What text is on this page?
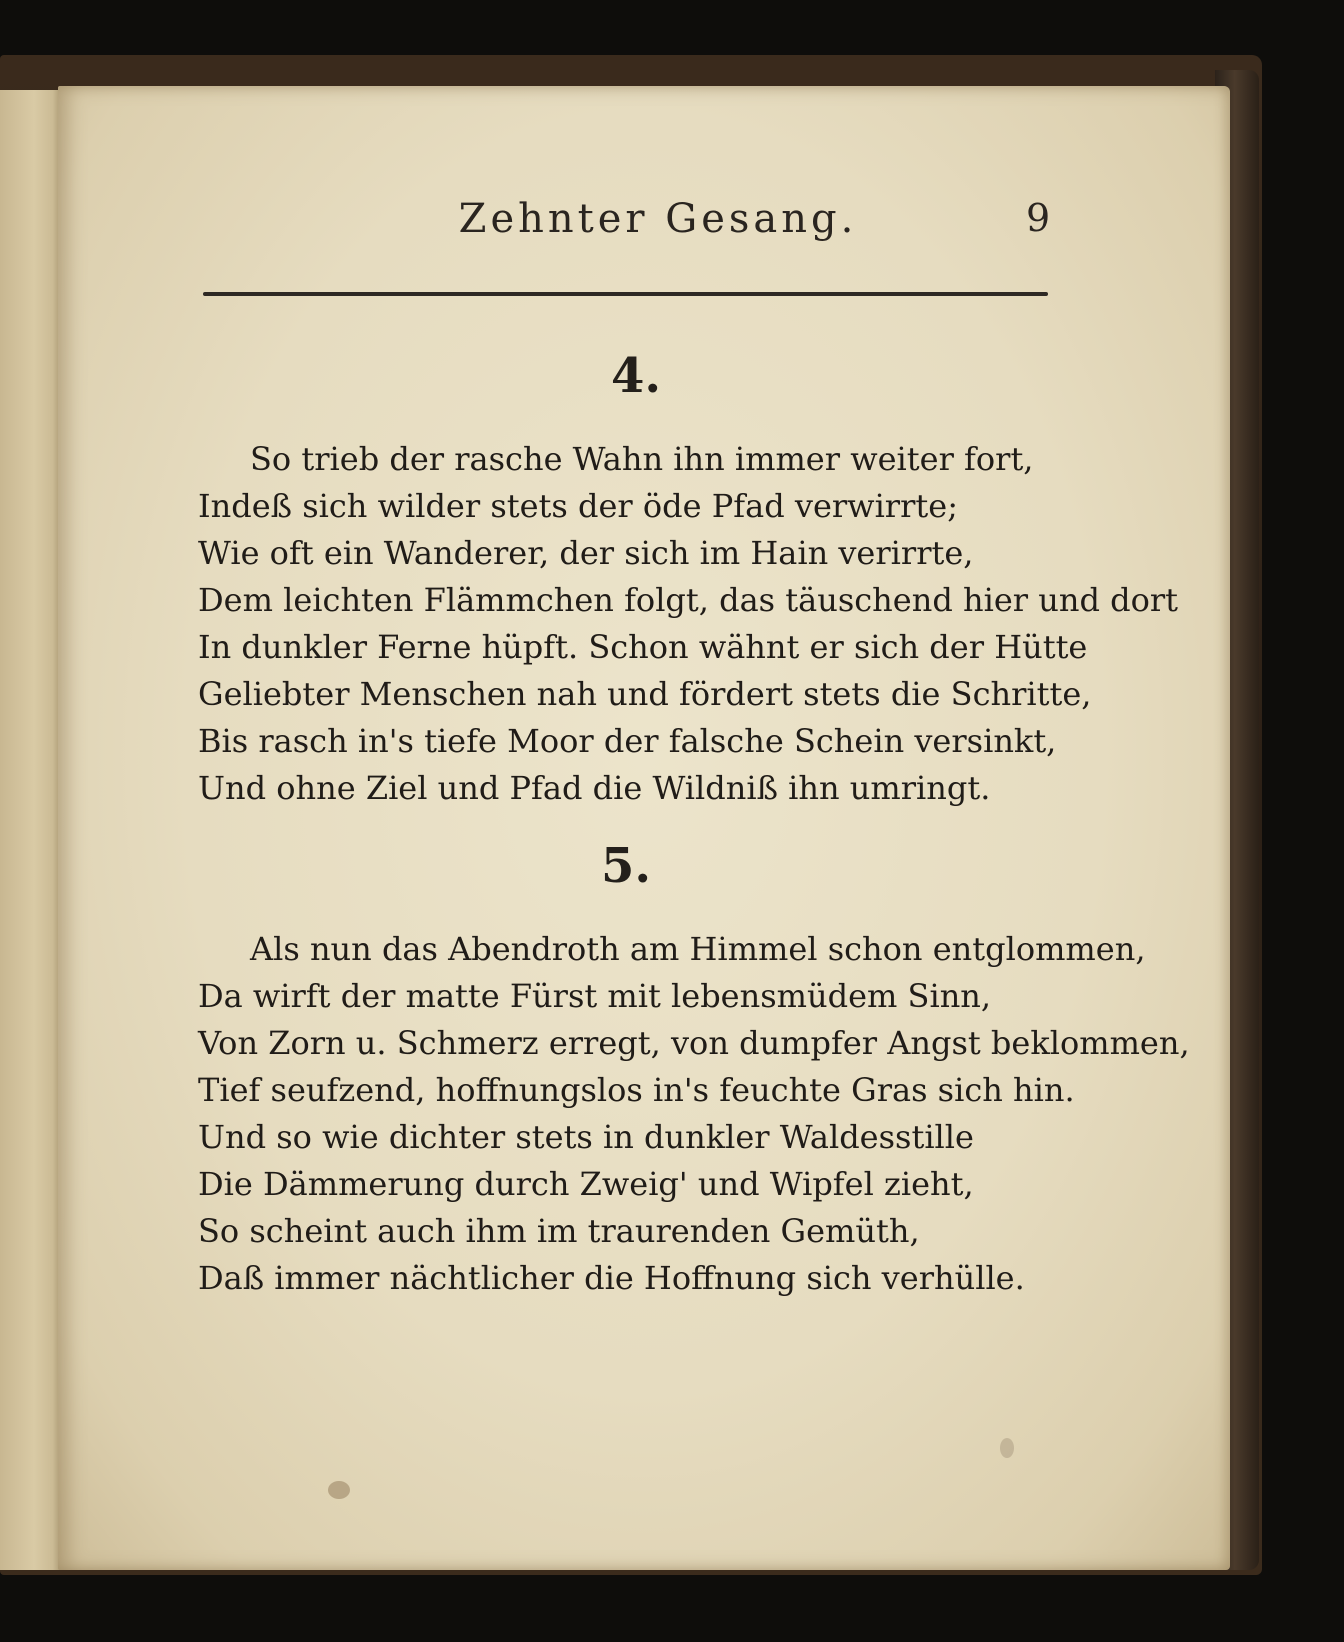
Zehnter Gesang.	9
4.
So trieb der rasche Wahn ihn immer weiter fort,
Indeß sich wilder stets der öde Pfad verwirrte;
Wie oft ein Wanderer, der sich im Hain verirrte,
Dem leichten Flämmchen folgt, das täuschend hier und dort
In dunkler Ferne hüpft. Schon wähnt er sich der Hütte
Geliebter Menschen nah und fördert stets die Schritte,
Bis rasch in's tiefe Moor der falsche Schein versinkt,
Und ohne Ziel und Pfad die Wildniß ihn umringt.
5.
Als nun das Abendroth am Himmel schon entglommen,
Da wirft der matte Fürst mit lebensmüdem Sinn,
Von Zorn u. Schmerz erregt, von dumpfer Angst beklommen,
Tief seufzend, hoffnungslos in's feuchte Gras sich hin.
Und so wie dichter stets in dunkler Waldesstille
Die Dämmerung durch Zweig' und Wipfel zieht,
So scheint auch ihm im traurenden Gemüth,
Daß immer nächtlicher die Hoffnung sich verhülle.
